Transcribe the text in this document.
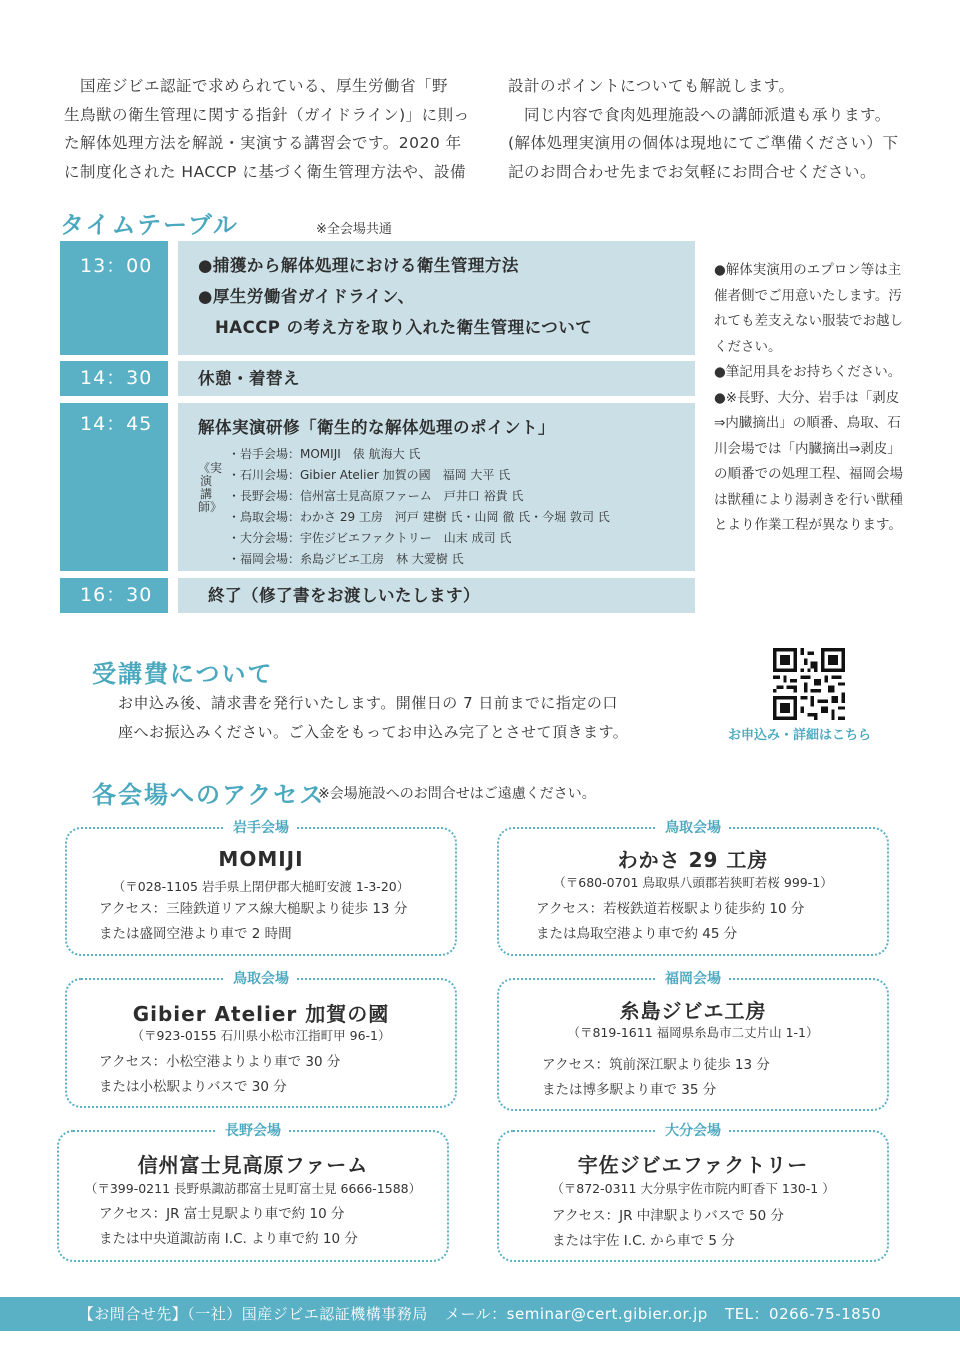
　国産ジビエ認証で求められている、厚生労働省「野

生鳥獣の衛生管理に関する指針（ガイドライン)」に則っ

た解体処理方法を解説・実演する講習会です。2020 年

に制度化された HACCP に基づく衛生管理方法や、設備

設計のポイントについても解説します。

　同じ内容で食肉処理施設への講師派遣も承ります。

(解体処理実演用の個体は現地にてご準備ください）下

記のお問合わせ先までお気軽にお問合せください。

タイムテーブル	※全会場共通
13：00	●捕獲から解体処理における衛生管理方法
●厚生労働省ガイドライン、
　HACCP の考え方を取り入れた衛生管理について
14：30	休憩・着替え
14：45	解体実演研修「衛生的な解体処理のポイント」
《実演講師》
・岩手会場：MOMIJI　俵 航海大 氏
・石川会場：Gibier Atelier 加賀の國　福岡 大平 氏
・長野会場：信州富士見高原ファーム　戸井口 裕貴 氏
・鳥取会場：わかさ 29 工房　河戸 建樹 氏・山岡 徹 氏・今堀 敦司 氏
・大分会場：宇佐ジビエファクトリー　山末 成司 氏
・福岡会場：糸島ジビエ工房　林 大愛樹 氏
16：30	終了（修了書をお渡しいたします）

●解体実演用のエプロン等は主催者側でご用意いたします。汚れても差支えない服装でお越しください。

●筆記用具をお持ちください。

●※長野、大分、岩手は「剥皮⇒内臓摘出」の順番、鳥取、石川会場では「内臓摘出⇒剥皮」の順番での処理工程、福岡会場は獣種により湯剥きを行い獣種とより作業工程が異なります。

受講費について

お申込み後、請求書を発行いたします。開催日の 7 日前までに指定の口

座へお振込みください。ご入金をもってお申込み完了とさせて頂きます。	お申込み・詳細はこちら
各会場へのアクセス
※会場施設へのお問合せはご遠慮ください。
岩手会場
MOMIJI
（〒028-1105 岩手県上閉伊郡大槌町安渡 1-3-20）
アクセス：三陸鉄道リアス線大槌駅より徒歩 13 分
または盛岡空港より車で 2 時間
鳥取会場
わかさ 29 工房
（〒680-0701 鳥取県八頭郡若狭町若桜 999-1）
アクセス：若桜鉄道若桜駅より徒歩約 10 分
または鳥取空港より車で約 45 分
鳥取会場
Gibier Atelier 加賀の國
（〒923-0155 石川県小松市江指町甲 96-1）
アクセス：小松空港よりより車で 30 分
または小松駅よりバスで 30 分
福岡会場
糸島ジビエ工房
（〒819-1611 福岡県糸島市二丈片山 1-1）
アクセス：筑前深江駅より徒歩 13 分
または博多駅より車で 35 分
長野会場
信州富士見高原ファーム
（〒399-0211 長野県諏訪郡富士見町富士見 6666-1588）
アクセス：JR 富士見駅より車で約 10 分
または中央道諏訪南 I.C. より車で約 10 分
大分会場
宇佐ジビエファクトリー
（〒872-0311 大分県宇佐市院内町香下 130-1 ）
アクセス：JR 中津駅よりバスで 50 分
または宇佐 I.C. から車で 5 分
【お問合せ先】（一社）国産ジビエ認証機構事務局 メール：seminar@cert.gibier.or.jp TEL：0266-75-1850
